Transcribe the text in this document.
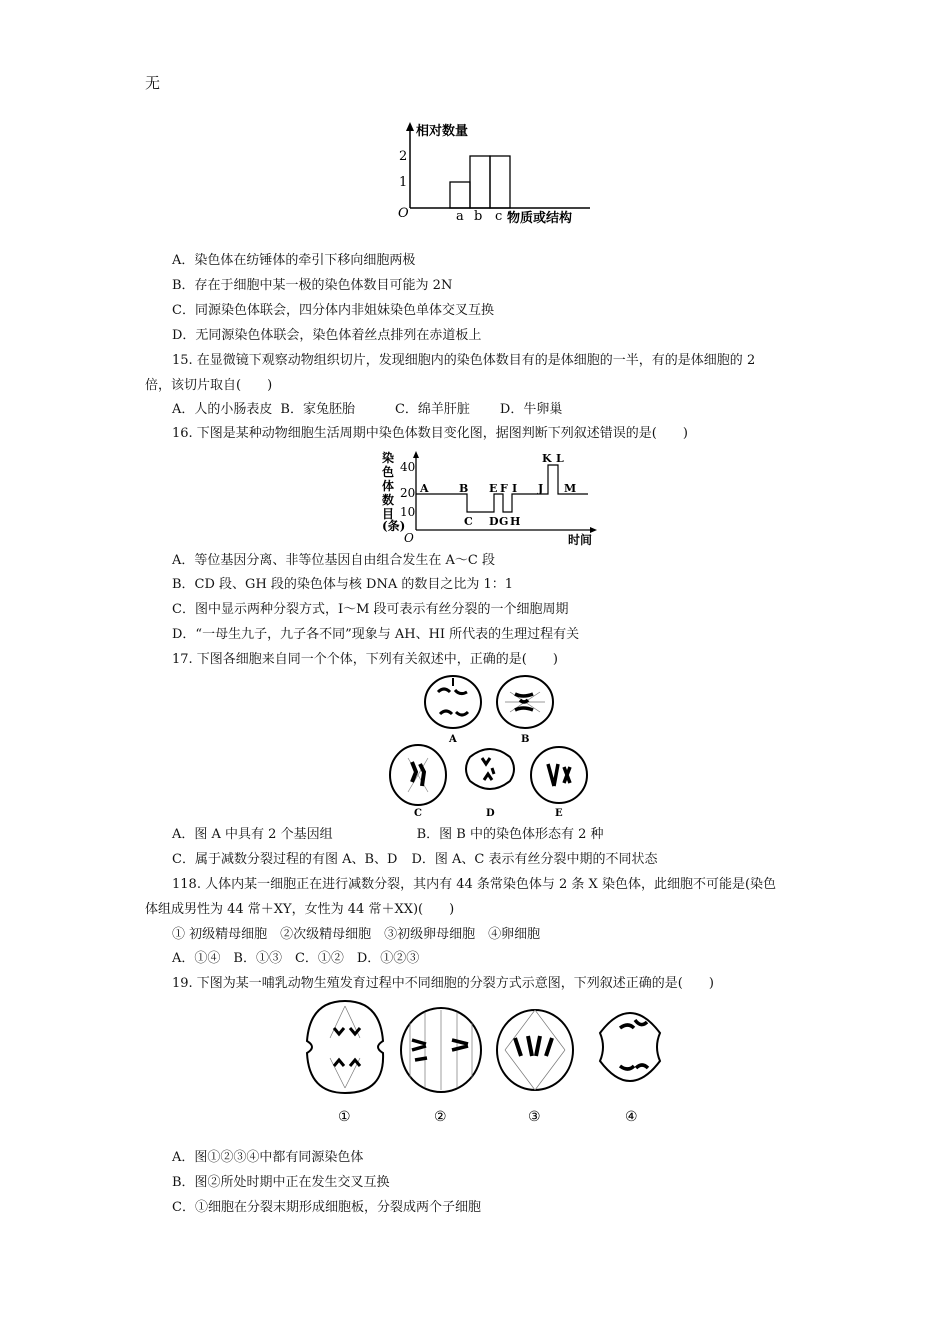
无
相对数量
2
1
O	a b c 物质或结构
A．染色体在纺锤体的牵引下移向细胞两极
B．存在于细胞中某一极的染色体数目可能为 2N
C．同源染色体联会，四分体内非姐妹染色单体交叉互换
D．无同源染色体联会，染色体着丝点排列在赤道板上
15. 在显微镜下观察动物组织切片，发现细胞内的染色体数目有的是体细胞的一半，有的是体细胞的 2
倍，该切片取自(　　)
A．人的小肠表皮 B．家兔胚胎	C．绵羊肝脏 D．牛卵巢
16. 下图是某种动物细胞生活周期中染色体数目变化图，据图判断下列叙述错误的是(　　)
染色体数目(条)
40
20
10
O
A	B
C D
E F
G H
I J
K L
M
时间
A．等位基因分离、非等位基因自由组合发生在 A～C 段
B．CD 段、GH 段的染色体与核 DNA 的数目之比为 1：1
C．图中显示两种分裂方式，I～M 段可表示有丝分裂的一个细胞周期
D．“一母生九子，九子各不同”现象与 AH、HI 所代表的生理过程有关
17. 下图各细胞来自同一个个体，下列有关叙述中，正确的是(　　)
A	B
C	D	E
A．图 A 中具有 2 个基因组	B．图 B 中的染色体形态有 2 种
C．属于减数分裂过程的有图 A、B、D D．图 A、C 表示有丝分裂中期的不同状态
118. 人体内某一细胞正在进行减数分裂，其内有 44 条常染色体与 2 条 X 染色体，此细胞不可能是(染色
体组成男性为 44 常＋XY，女性为 44 常＋XX)(　　)
① 初级精母细胞　②次级精母细胞　③初级卵母细胞　④卵细胞
A．①④　B．①③　C．①②　D．①②③
19. 下图为某一哺乳动物生殖发育过程中不同细胞的分裂方式示意图，下列叙述正确的是(　　)
①	②	③	④
A．图①②③④中都有同源染色体
B．图②所处时期中正在发生交叉互换
C．①细胞在分裂末期形成细胞板，分裂成两个子细胞
